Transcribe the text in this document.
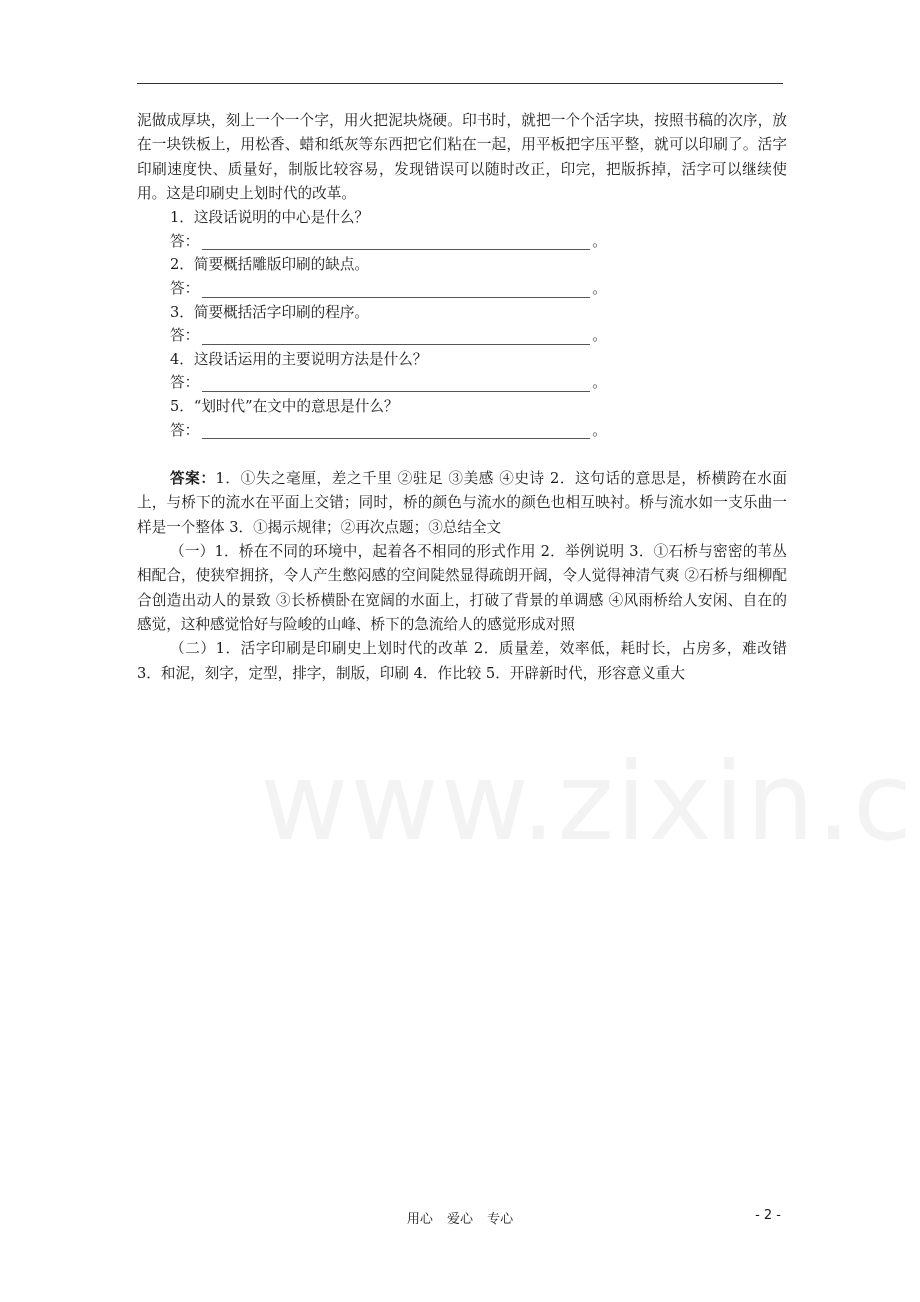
泥做成厚块，刻上一个一个字，用火把泥块烧硬。印书时，就把一个个活字块，按照书稿的次序，放在一块铁板上，用松香、蜡和纸灰等东西把它们粘在一起，用平板把字压平整，就可以印刷了。活字印刷速度快、质量好，制版比较容易，发现错误可以随时改正，印完，把版拆掉，活字可以继续使用。这是印刷史上划时代的改革。

1．这段话说明的中心是什么？

答：	。

2．简要概括雕版印刷的缺点。

答：	。

3．简要概括活字印刷的程序。

答：	。

4．这段话运用的主要说明方法是什么？

答：	。

5．“划时代”在文中的意思是什么？

答：	。

答案：1．①失之毫厘，差之千里 ②驻足 ③美感 ④史诗 2．这句话的意思是，桥横跨在水面上，与桥下的流水在平面上交错；同时，桥的颜色与流水的颜色也相互映衬。桥与流水如一支乐曲一样是一个整体 3．①揭示规律；②再次点题；③总结全文

（一）1．桥在不同的环境中，起着各不相同的形式作用 2．举例说明 3．①石桥与密密的苇丛相配合，使狭窄拥挤，令人产生憋闷感的空间陡然显得疏朗开阔，令人觉得神清气爽 ②石桥与细柳配合创造出动人的景致 ③长桥横卧在宽阔的水面上，打破了背景的单调感 ④风雨桥给人安闲、自在的感觉，这种感觉恰好与险峻的山峰、桥下的急流给人的感觉形成对照

（二）1．活字印刷是印刷史上划时代的改革 2．质量差，效率低，耗时长，占房多，难改错 3．和泥，刻字，定型，排字，制版，印刷 4．作比较 5．开辟新时代，形容意义重大

用心 爱心 专心	- 2 -
